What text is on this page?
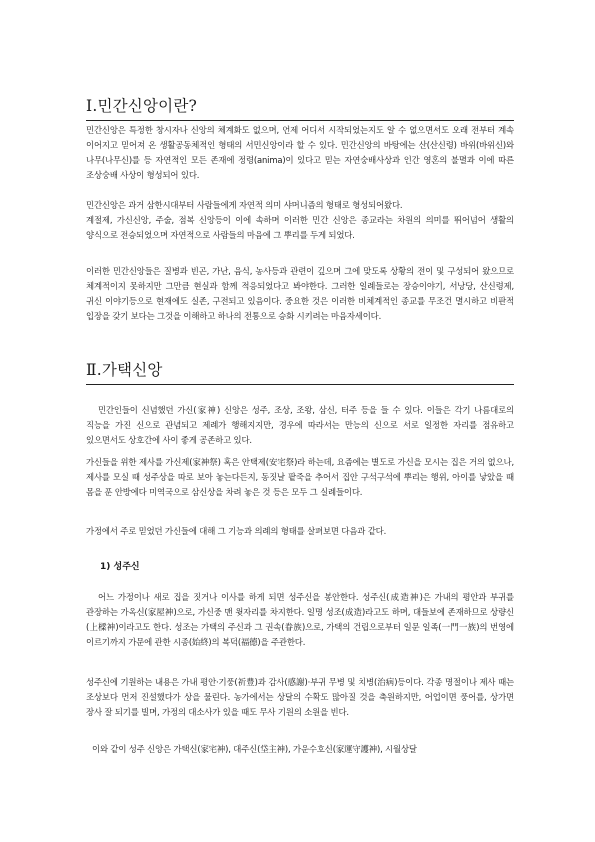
Ⅰ.민간신앙이란?
민간신앙은 특정한 창시자나 신앙의 체계화도 없으며, 언제 어디서 시작되었는지도 알 수 없으면서도 오래 전부터 계속 이어지고 믿어져 온 생활공동체적인 형태의 서민신앙이라 할 수 있다. 민간신앙의 바탕에는 산(산신령) 바위(바위신)와 나무(나무신)를 등 자연적인 모든 존재에 정령(anima)이 있다고 믿는 자연숭배사상과 인간 영혼의 불멸과 이에 따른 조상숭배 사상이 형성되어 있다.
민간신앙은 과거 삼한시대부터 사람들에게 자연적 의미 샤머니즘의 형태로 형성되어왔다.
계절제, 가신신앙, 주술, 점복 신앙등이 이에 속하며 이러한 민간 신앙은 종교라는 차원의 의미를 뛰어넘어 생활의 양식으로 전승되었으며 자연적으로 사람들의 마음에 그 뿌리를 두게 되었다.
이러한 민간신앙들은 질병과 빈곤, 가난, 음식, 농사등과 관련이 깊으며 그에 맞도록 상황의 전이 및 구성되어 왔으므로 체계적이지 못하지만 그만큼 현실과 함께 적응되었다고 봐야한다. 그러한 일례들로는 장승이야기, 서낭당, 산신령제, 귀신 이야기등으로 현재에도 실존, 구전되고 있음이다. 중요한 것은 이러한 비체계적인 종교를 무조건 멸시하고 비판적 입장을 갖기 보다는 그것을 이해하고 하나의 전통으로 승화 시키려는 마음자세이다.
Ⅱ.가택신앙
민간인들이 신념했던 가신(家神) 신앙은 성주, 조상, 조왕, 삼신, 터주 등을 들 수 있다. 이들은 각기 나름대로의 직능을 가진 신으로 관념되고 제례가 행해지지만, 경우에 따라서는 만능의 신으로 서로 일정한 자리를 점유하고 있으면서도 상호간에 사이 좋게 공존하고 있다.
가신들을 위한 제사를 가신제(家神祭) 혹은 안택제(安宅祭)라 하는데, 요즘에는 별도로 가신을 모시는 집은 거의 없으나, 제사를 모실 때 성주상을 따로 보아 놓는다든지, 동짓날 팥죽을 추어서 집안 구석구석에 뿌리는 행위, 아이를 낳았을 때 몸을 푼 안방에다 미역국으로 삼신상을 차려 놓은 것 등은 모두 그 실례들이다.
가정에서 주로 믿었던 가신들에 대해 그 기능과 의례의 형태를 살펴보면 다음과 같다.
1) 성주신
어느 가정이나 새로 집을 짓거나 이사를 하게 되면 성주신을 봉안한다. 성주신(成造神)은 가내의 평안과 부귀를 관장하는 가옥신(家屋神)으로, 가신중 맨 윗자리를 차지한다. 일명 성조(成造)라고도 하며, 대들보에 존재하므로 상량신(上樑神)이라고도 한다. 성조는 가택의 주신과 그 권속(眷族)으로, 가택의 건립으로부터 일문 일족(一門一族)의 번영에 이르기까지 가문에 관한 시종(始終)의 복덕(福德)을 주관한다.
성주신에 기원하는 내용은 가내 평안·기풍(祈豊)과 감사(感謝)·부귀 무병 및 치병(治病)등이다. 각종 명절이나 제사 때는 조상보다 먼저 진설했다가 상을 물린다. 농가에서는 상달의 수확도 많아질 것을 축원하지만, 어업이면 풍어를, 상가면 장사 잘 되기를 빌며, 가정의 대소사가 있을 때도 무사 기원의 소원을 빈다.
이와 같이 성주 신앙은 가택신(家宅神), 대주신(垈主神), 가운수호신(家運守護神), 시월상달
